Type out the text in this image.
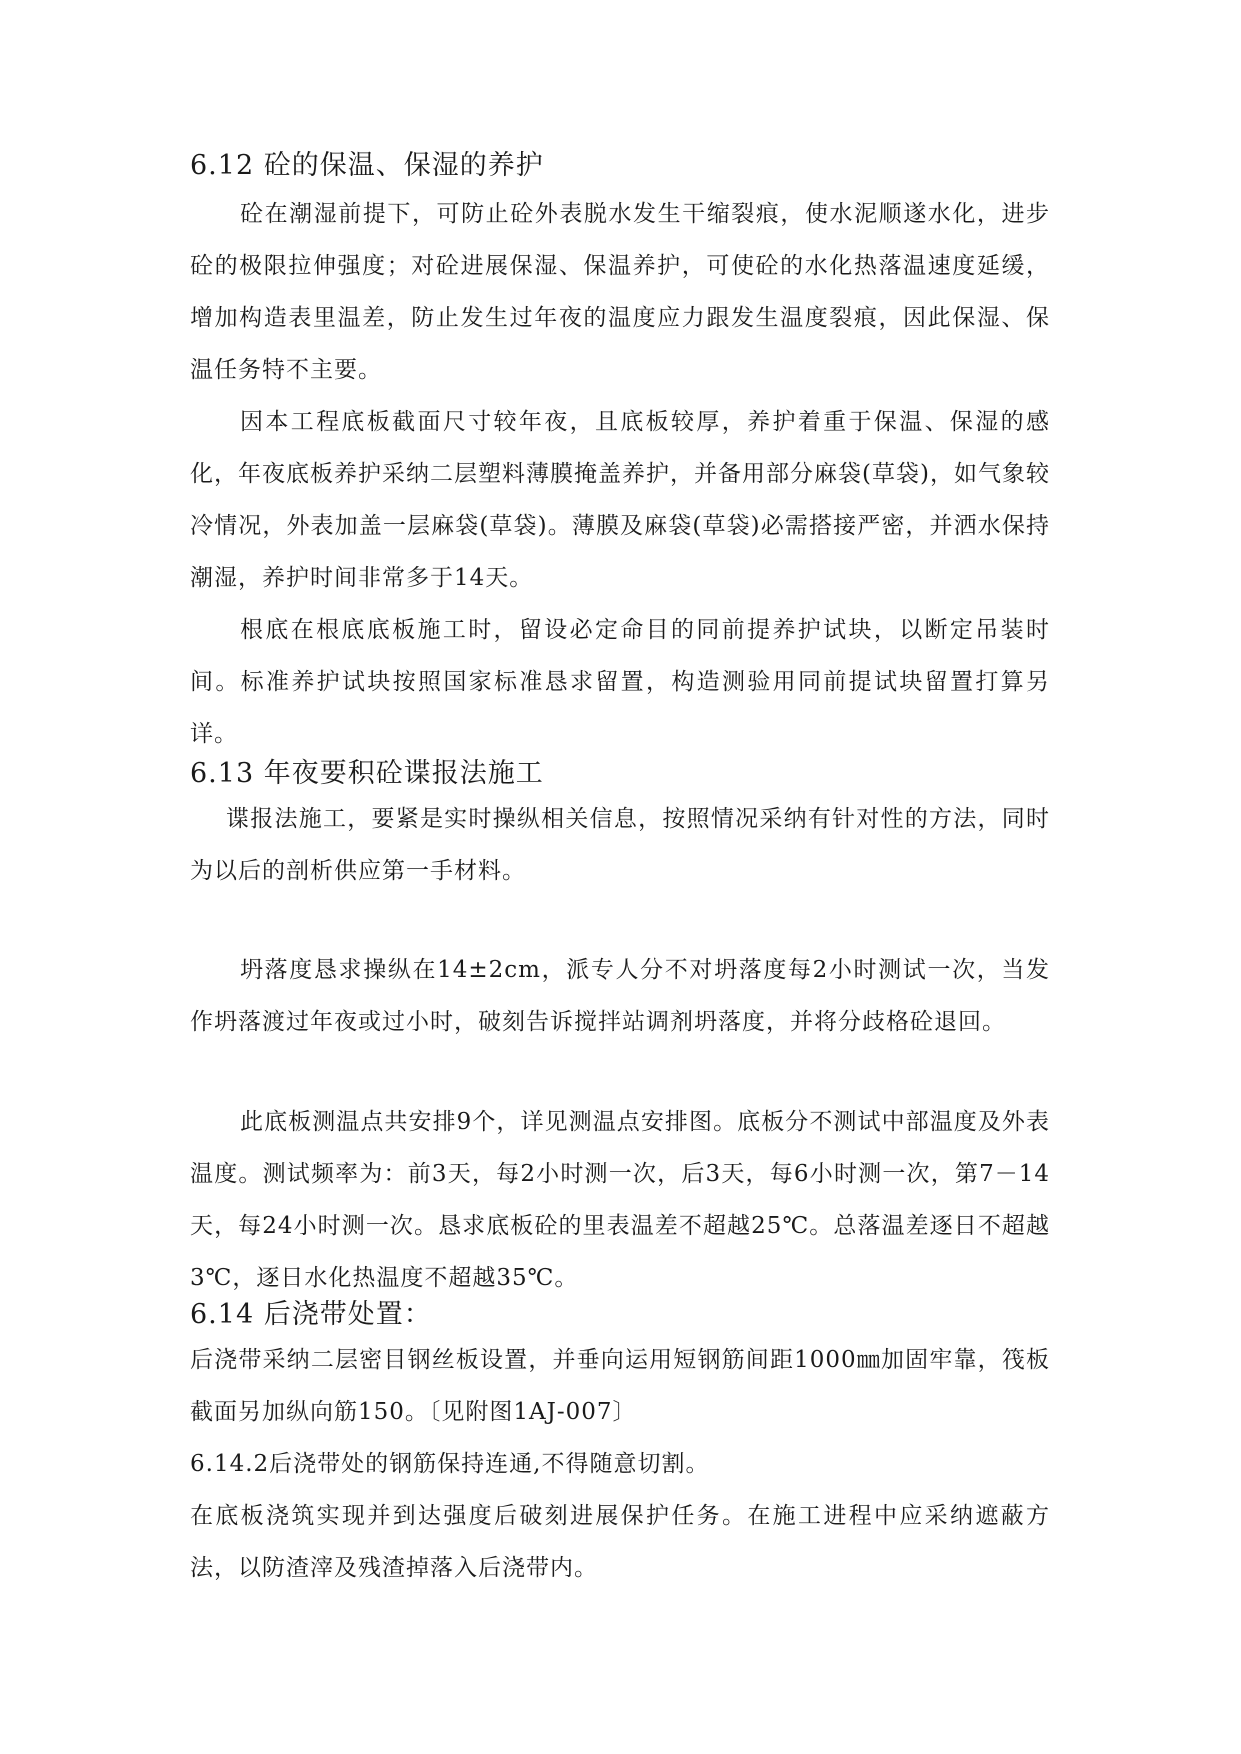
6.12 砼的保温、保湿的养护
砼在潮湿前提下，可防止砼外表脱水发生干缩裂痕，使水泥顺遂水化，进步砼的极限拉伸强度；对砼进展保湿、保温养护，可使砼的水化热落温速度延缓，增加构造表里温差，防止发生过年夜的温度应力跟发生温度裂痕，因此保湿、保温任务特不主要。
因本工程底板截面尺寸较年夜，且底板较厚，养护着重于保温、保湿的感化，年夜底板养护采纳二层塑料薄膜掩盖养护，并备用部分麻袋(草袋)，如气象较冷情况，外表加盖一层麻袋(草袋)。薄膜及麻袋(草袋)必需搭接严密，并洒水保持潮湿，养护时间非常多于14天。
根底在根底底板施工时，留设必定命目的同前提养护试块，以断定吊装时间。标准养护试块按照国家标准恳求留置，构造测验用同前提试块留置打算另详。
6.13 年夜要积砼谍报法施工
谍报法施工，要紧是实时操纵相关信息，按照情况采纳有针对性的方法，同时为以后的剖析供应第一手材料。
坍落度恳求操纵在14±2cm，派专人分不对坍落度每2小时测试一次，当发作坍落渡过年夜或过小时，破刻告诉搅拌站调剂坍落度，并将分歧格砼退回。
此底板测温点共安排9个，详见测温点安排图。底板分不测试中部温度及外表温度。测试频率为：前3天，每2小时测一次，后3天，每6小时测一次，第7－14天，每24小时测一次。恳求底板砼的里表温差不超越25℃。总落温差逐日不超越3℃，逐日水化热温度不超越35℃。
6.14 后浇带处置：
后浇带采纳二层密目钢丝板设置，并垂向运用短钢筋间距1000㎜加固牢靠，筏板截面另加纵向筋150。〔见附图1AJ-007〕
6.14.2后浇带处的钢筋保持连通,不得随意切割。
在底板浇筑实现并到达强度后破刻进展保护任务。在施工进程中应采纳遮蔽方法，以防渣滓及残渣掉落入后浇带内。
